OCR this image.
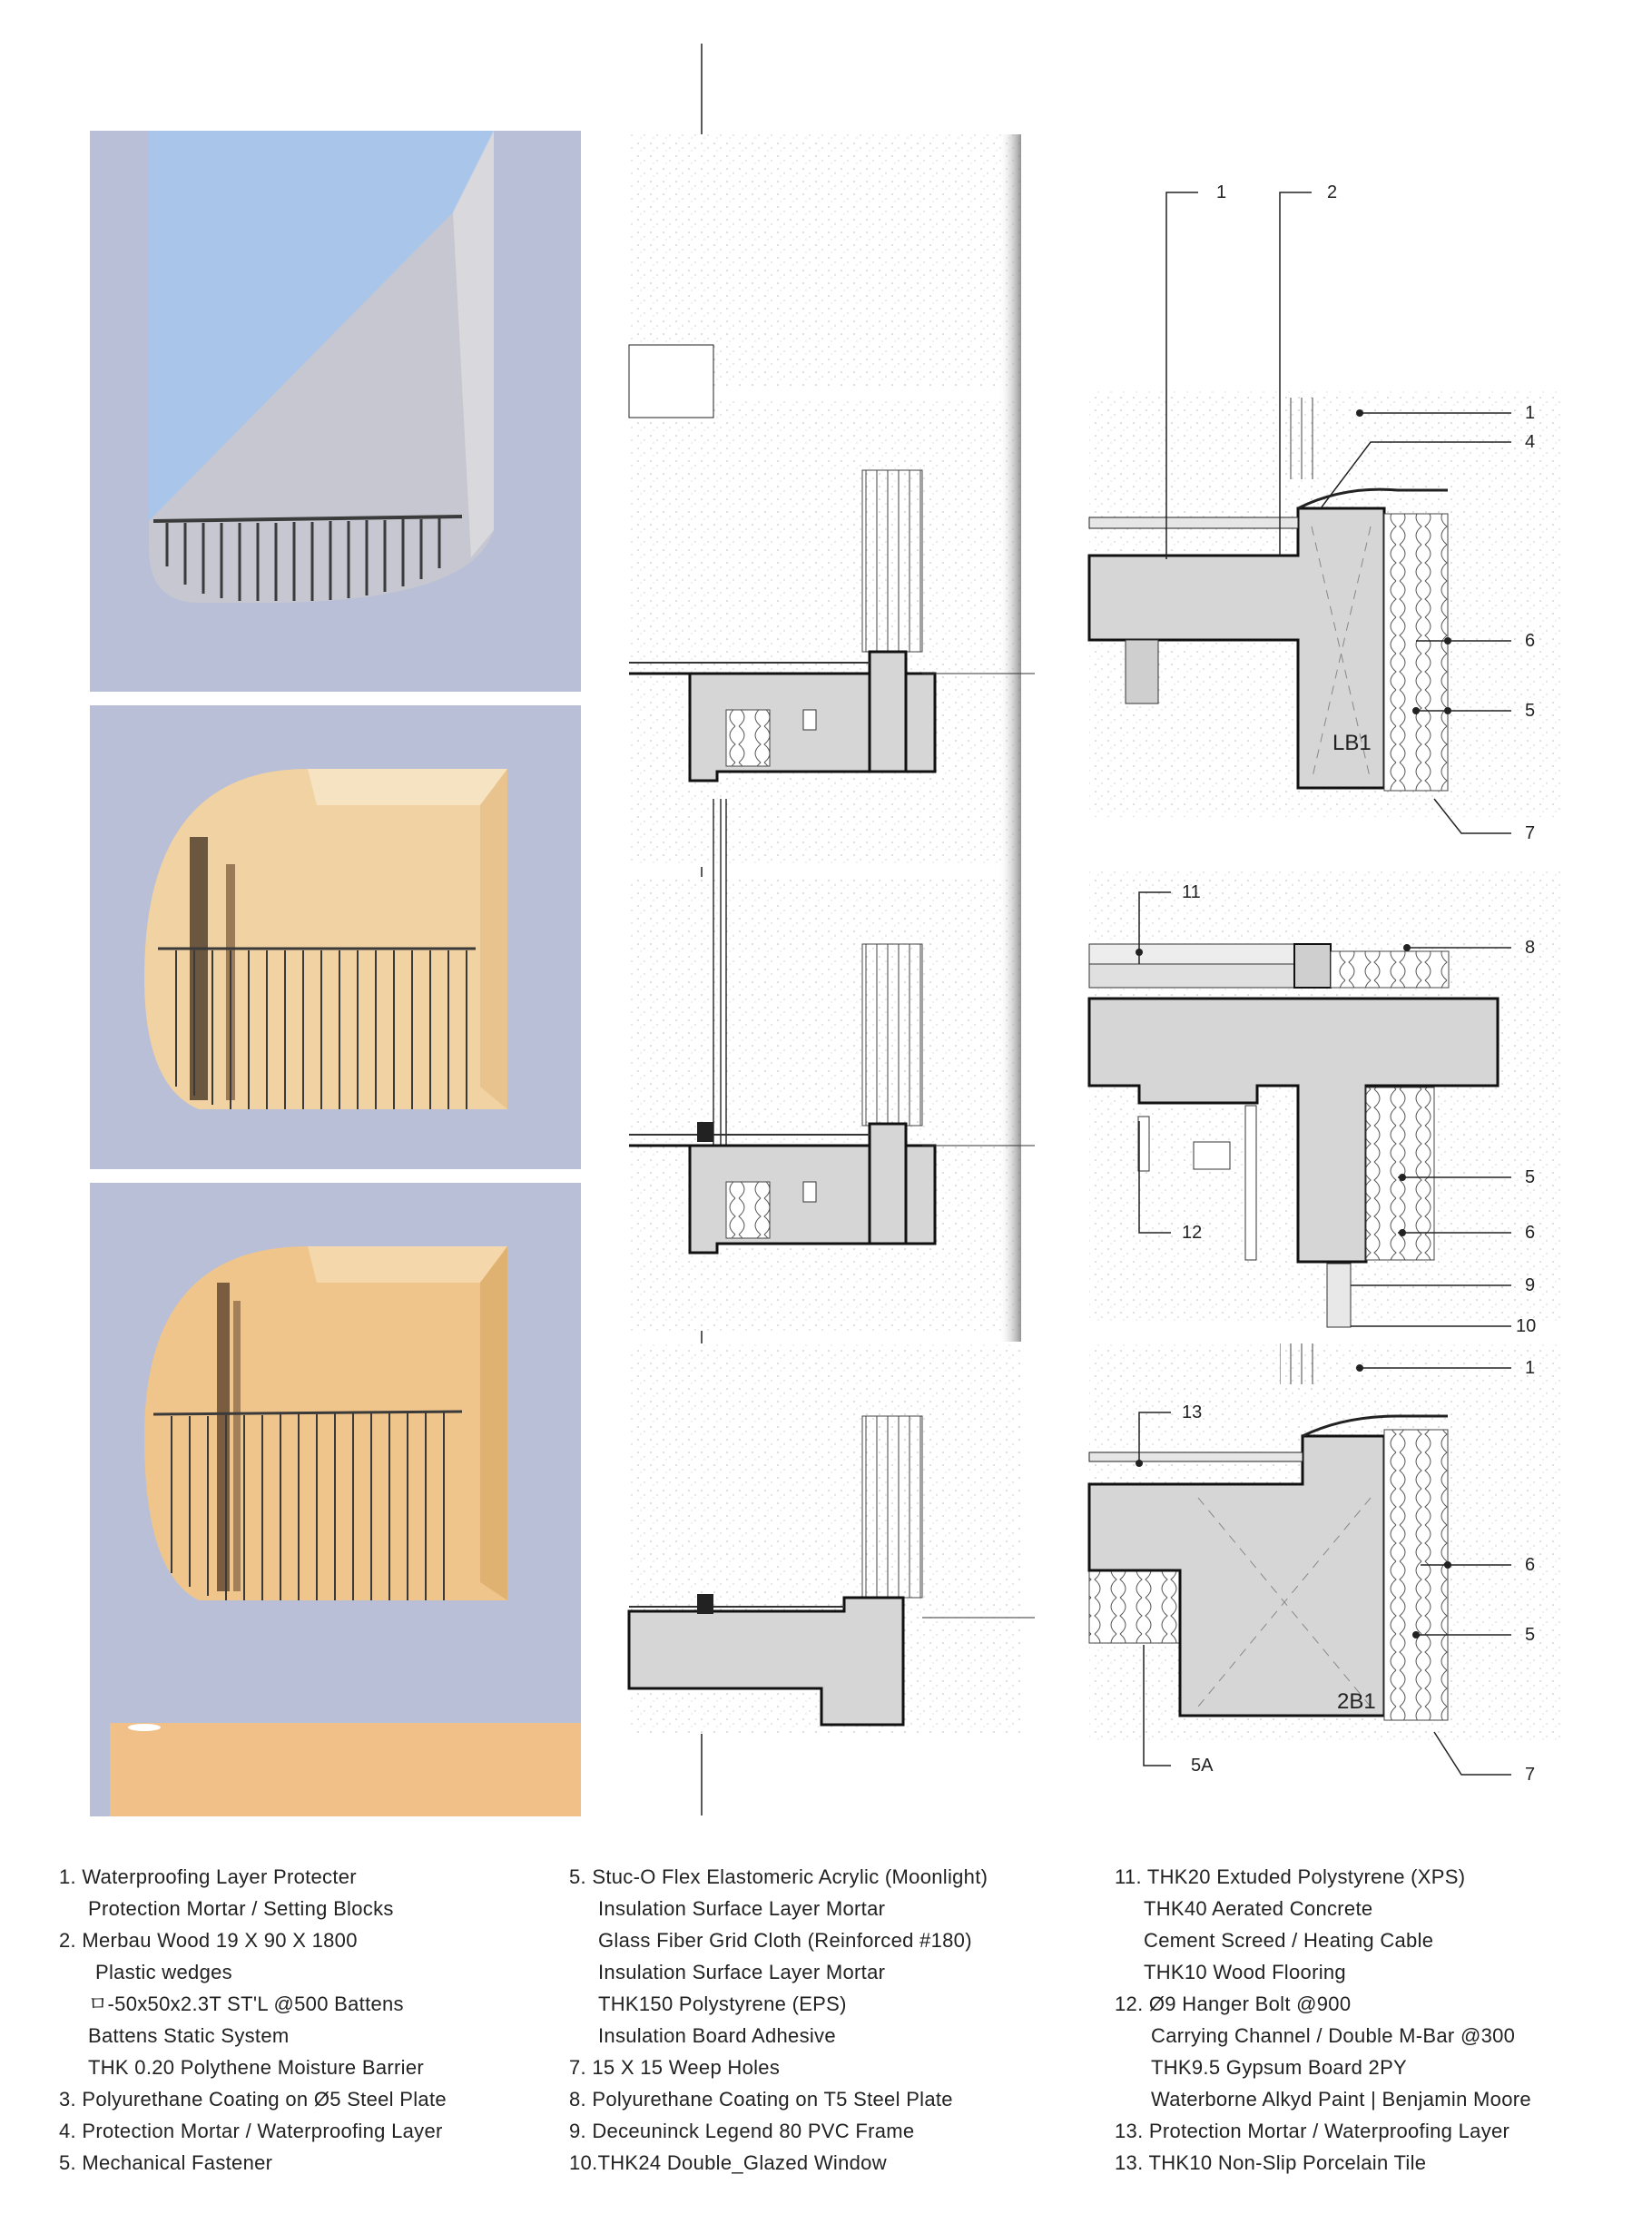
1	2
1
4
6
5
7
LB1
11
8
5
6
12
9
10
1
13
6
5
7
2B1
5A
1. Waterproofing Layer Protecter
Protection Mortar / Setting Blocks
2. Merbau Wood 19 X 90 X 1800
Plastic wedges
ㅁ-50x50x2.3T ST'L @500 Battens
Battens Static System
THK 0.20 Polythene Moisture Barrier
3. Polyurethane Coating on Ø5 Steel Plate
4. Protection Mortar / Waterproofing Layer
5. Mechanical Fastener
5. Stuc-O Flex Elastomeric Acrylic (Moonlight)
Insulation Surface Layer Mortar
Glass Fiber Grid Cloth (Reinforced #180)
Insulation Surface Layer Mortar
THK150 Polystyrene (EPS)
Insulation Board Adhesive
7. 15 X 15 Weep Holes
8. Polyurethane Coating on T5 Steel Plate
9. Deceuninck Legend 80 PVC Frame
10.THK24 Double_Glazed Window
11. THK20 Extuded Polystyrene (XPS)
THK40 Aerated Concrete
Cement Screed / Heating Cable
THK10 Wood Flooring
12. Ø9 Hanger Bolt @900
Carrying Channel / Double M-Bar @300
THK9.5 Gypsum Board 2PY
Waterborne Alkyd Paint | Benjamin Moore
13. Protection Mortar / Waterproofing Layer
13. THK10 Non-Slip Porcelain Tile
